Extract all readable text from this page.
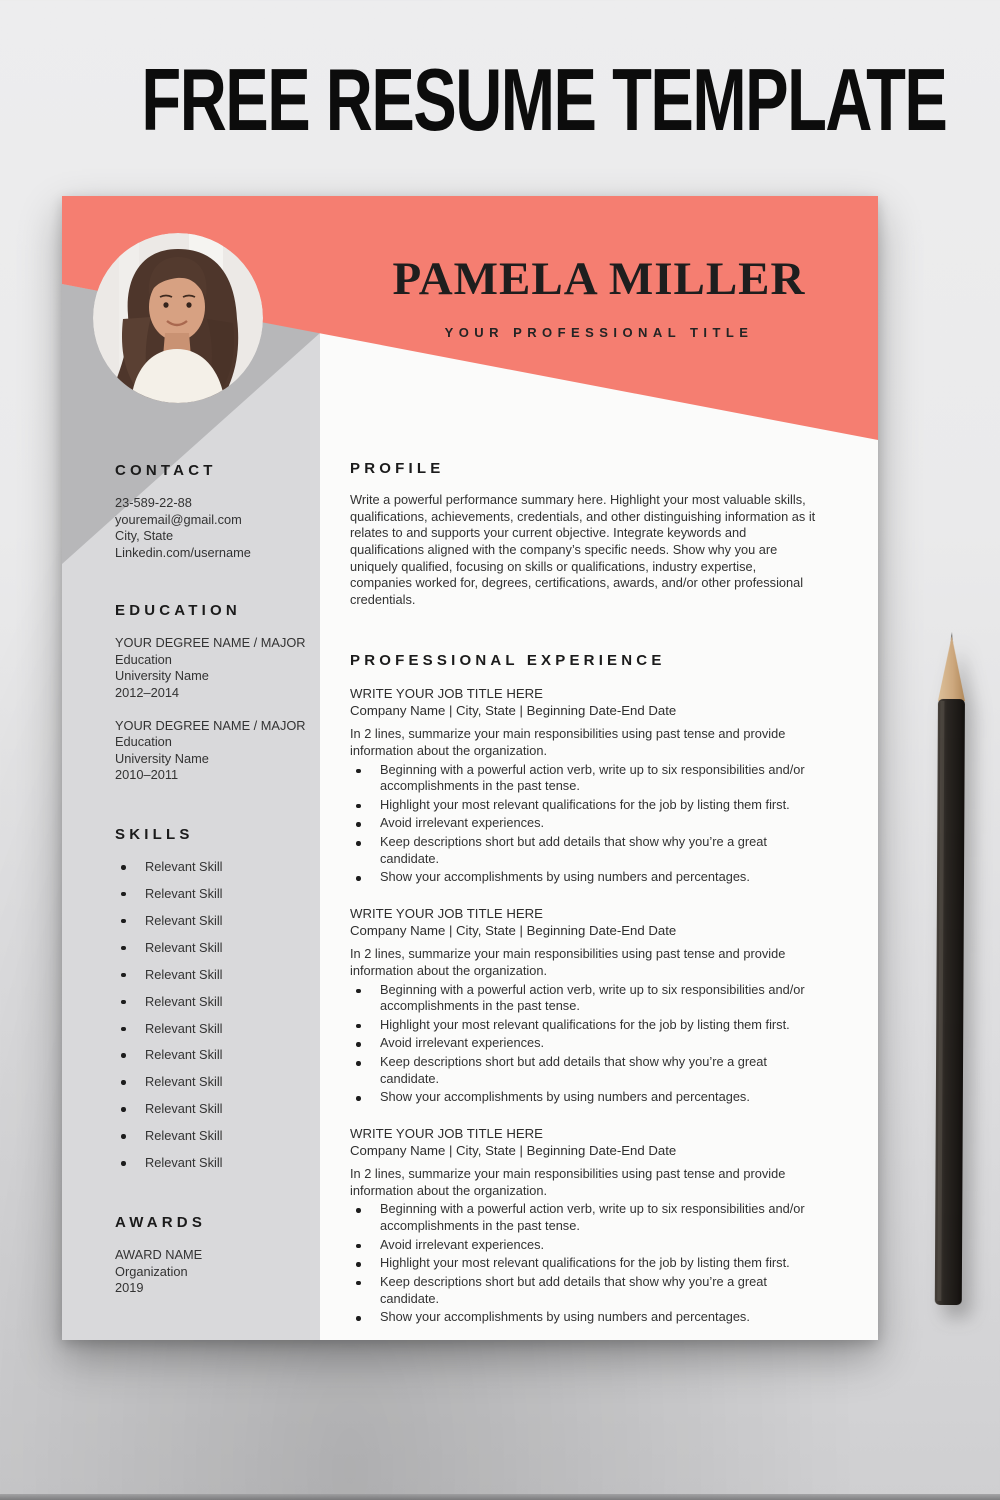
FREE RESUME TEMPLATE
PAMELA MILLER
YOUR PROFESSIONAL TITLE
CONTACT
23-589-22-88
youremail@gmail.com
City, State
Linkedin.com/username
EDUCATION
YOUR DEGREE NAME / MAJOR
Education
University Name
2012–2014
YOUR DEGREE NAME / MAJOR
Education
University Name
2010–2011
SKILLS
Relevant Skill
Relevant Skill
Relevant Skill
Relevant Skill
Relevant Skill
Relevant Skill
Relevant Skill
Relevant Skill
Relevant Skill
Relevant Skill
Relevant Skill
Relevant Skill
AWARDS
AWARD NAME
Organization
2019
PROFILE

Write a powerful performance summary here. Highlight your most valuable skills, qualifications, achievements, credentials, and other distinguishing information as it relates to and supports your current objective. Integrate keywords and qualifications aligned with the company’s specific needs. Show why you are uniquely qualified, focusing on skills or qualifications, industry expertise, companies worked for, degrees, certifications, awards, and/or other professional credentials.

PROFESSIONAL EXPERIENCE
WRITE YOUR JOB TITLE HERE
Company Name | City, State | Beginning Date-End Date

In 2 lines, summarize your main responsibilities using past tense and provide information about the organization.

Beginning with a powerful action verb, write up to six responsibilities and/or accomplishments in the past tense.
Highlight your most relevant qualifications for the job by listing them first.
Avoid irrelevant experiences.
Keep descriptions short but add details that show why you’re a great candidate.
Show your accomplishments by using numbers and percentages.
WRITE YOUR JOB TITLE HERE
Company Name | City, State | Beginning Date-End Date

In 2 lines, summarize your main responsibilities using past tense and provide information about the organization.

Beginning with a powerful action verb, write up to six responsibilities and/or accomplishments in the past tense.
Highlight your most relevant qualifications for the job by listing them first.
Avoid irrelevant experiences.
Keep descriptions short but add details that show why you’re a great candidate.
Show your accomplishments by using numbers and percentages.
WRITE YOUR JOB TITLE HERE
Company Name | City, State | Beginning Date-End Date

In 2 lines, summarize your main responsibilities using past tense and provide information about the organization.

Beginning with a powerful action verb, write up to six responsibilities and/or accomplishments in the past tense.
Avoid irrelevant experiences.
Highlight your most relevant qualifications for the job by listing them first.
Keep descriptions short but add details that show why you’re a great candidate.
Show your accomplishments by using numbers and percentages.
